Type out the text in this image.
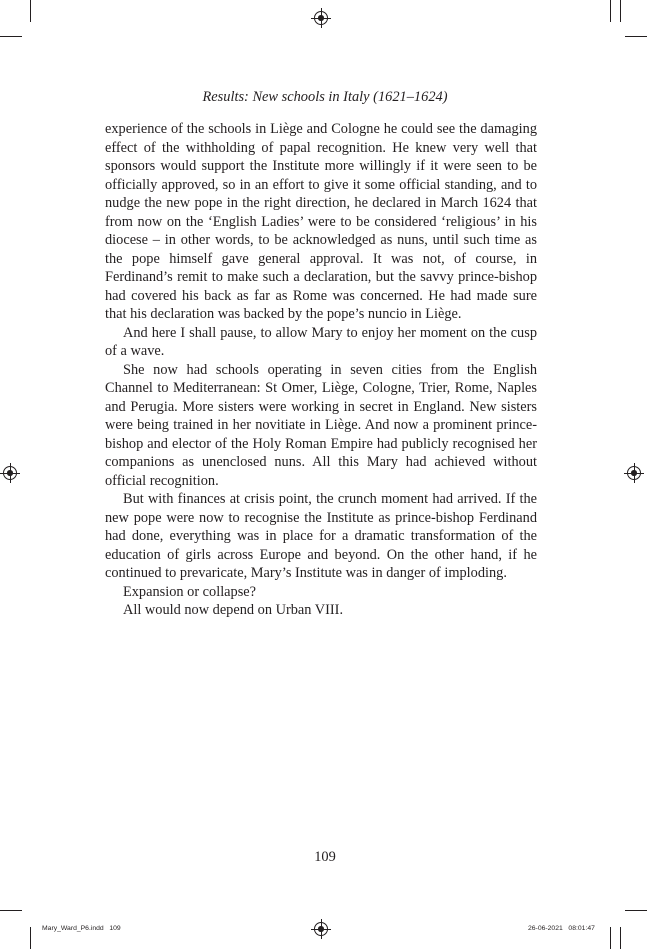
Results: New schools in Italy (1621–1624)

experience of the schools in Liège and Cologne he could see the damaging effect of the withholding of papal recognition. He knew very well that sponsors would support the Institute more willingly if it were seen to be officially approved, so in an effort to give it some official standing, and to nudge the new pope in the right direction, he declared in March 1624 that from now on the ‘English Ladies’ were to be considered ‘religious’ in his diocese – in other words, to be acknowledged as nuns, until such time as the pope himself gave general approval. It was not, of course, in Ferdinand’s remit to make such a declaration, but the savvy prince-bishop had covered his back as far as Rome was concerned. He had made sure that his declaration was backed by the pope’s nuncio in Liège.

And here I shall pause, to allow Mary to enjoy her moment on the cusp of a wave.

She now had schools operating in seven cities from the English Channel to Mediterranean: St Omer, Liège, Cologne, Trier, Rome, Naples and Perugia. More sisters were working in secret in England. New sisters were being trained in her novitiate in Liège. And now a prominent prince-bishop and elector of the Holy Roman Empire had publicly recognised her companions as unenclosed nuns. All this Mary had achieved without official recognition.

But with finances at crisis point, the crunch moment had arrived. If the new pope were now to recognise the Institute as prince-bishop Ferdinand had done, everything was in place for a dramatic transformation of the education of girls across Europe and beyond. On the other hand, if he continued to prevaricate, Mary’s Institute was in danger of imploding.

Expansion or collapse?

All would now depend on Urban VIII.

109
Mary_Ward_P6.indd   109	26-06-2021   08:01:47
